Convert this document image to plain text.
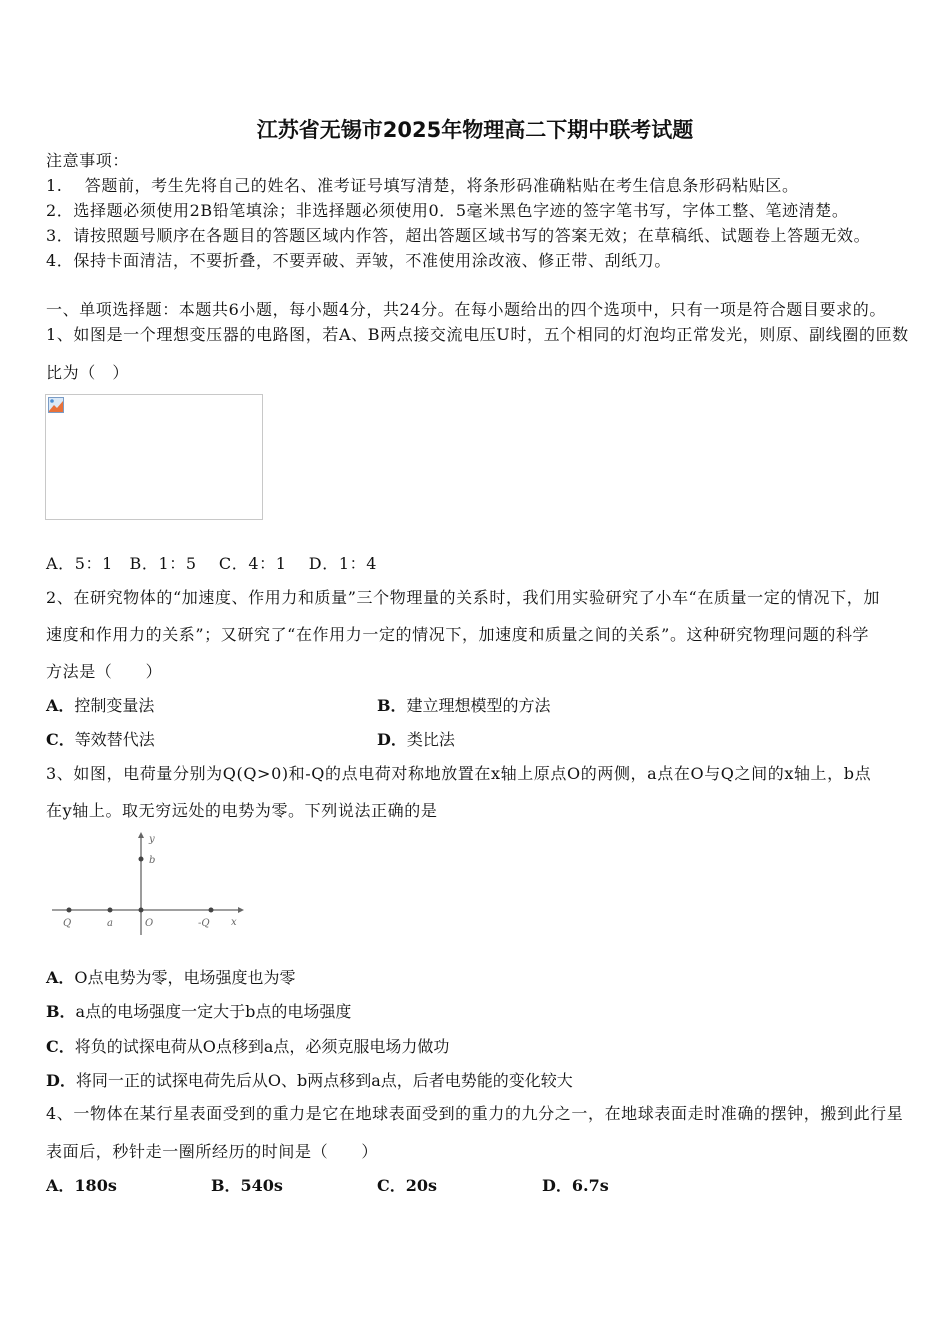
江苏省无锡市2025年物理高二下期中联考试题
注意事项：
1.　 答题前，考生先将自己的姓名、准考证号填写清楚，将条形码准确粘贴在考生信息条形码粘贴区。
2．选择题必须使用2B铅笔填涂；非选择题必须使用0．5毫米黑色字迹的签字笔书写，字体工整、笔迹清楚。
3．请按照题号顺序在各题目的答题区域内作答，超出答题区域书写的答案无效；在草稿纸、试题卷上答题无效。
4．保持卡面清洁，不要折叠，不要弄破、弄皱，不准使用涂改液、修正带、刮纸刀。
一、单项选择题：本题共6小题，每小题4分，共24分。在每小题给出的四个选项中，只有一项是符合题目要求的。
1、如图是一个理想变压器的电路图，若A、B两点接交流电压U时，五个相同的灯泡均正常发光，则原、副线圈的匝数
比为（　）
A．5：1　B．1：5　 C．4：1　 D．1：4
2、在研究物体的“加速度、作用力和质量”三个物理量的关系时，我们用实验研究了小车“在质量一定的情况下，加
速度和作用力的关系”；又研究了“在作用力一定的情况下，加速度和质量之间的关系”。这种研究物理问题的科学
方法是（　　）
A．控制变量法	B．建立理想模型的方法
C．等效替代法	D．类比法
3、如图，电荷量分别为Q(Q>0)和-Q的点电荷对称地放置在x轴上原点O的两侧，a点在O与Q之间的x轴上，b点
在y轴上。取无穷远处的电势为零。下列说法正确的是
Q	a	O	-Q x
y
b
A．O点电势为零，电场强度也为零
B．a点的电场强度一定大于b点的电场强度
C．将负的试探电荷从O点移到a点，必须克服电场力做功
D．将同一正的试探电荷先后从O、b两点移到a点，后者电势能的变化较大
4、一物体在某行星表面受到的重力是它在地球表面受到的重力的九分之一，在地球表面走时准确的摆钟，搬到此行星
表面后，秒针走一圈所经历的时间是（　　）
A．180s	B．540s	C．20s	D．6.7s
